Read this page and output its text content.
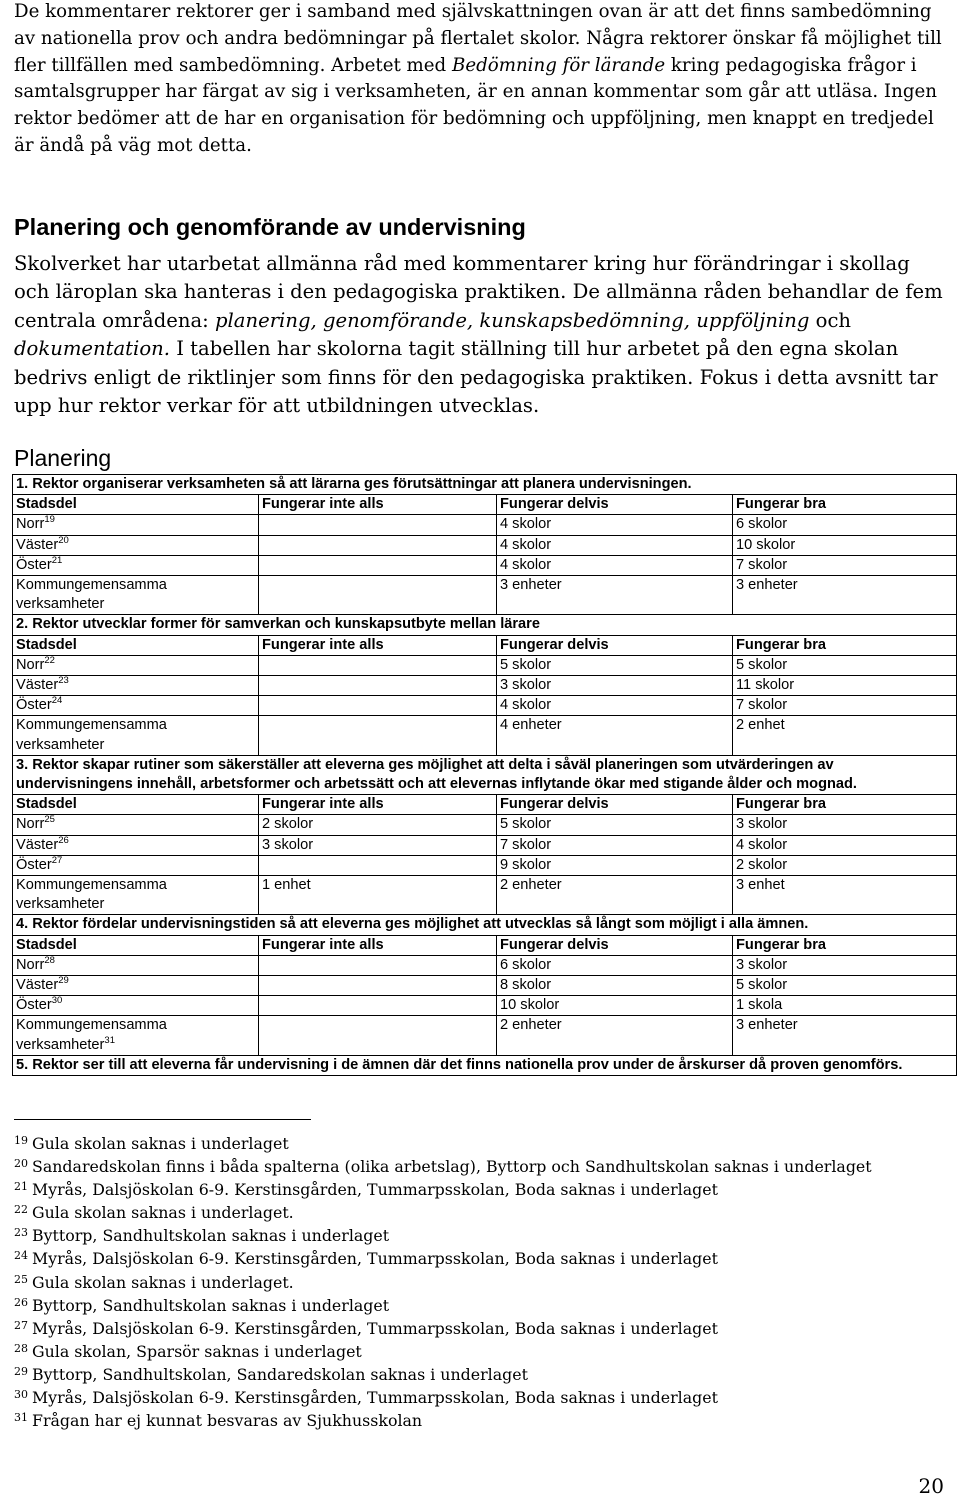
De kommentarer rektorer ger i samband med självskattningen ovan är att det finns sambedömning av nationella prov och andra bedömningar på flertalet skolor. Några rektorer önskar få möjlighet till fler tillfällen med sambedömning. Arbetet med Bedömning för lärande kring pedagogiska frågor i samtalsgrupper har färgat av sig i verksamheten, är en annan kommentar som går att utläsa. Ingen rektor bedömer att de har en organisation för bedömning och uppföljning, men knappt en tredjedel är ändå på väg mot detta.

Planering och genomförande av undervisning

Skolverket har utarbetat allmänna råd med kommentarer kring hur förändringar i skollag och läroplan ska hanteras i den pedagogiska praktiken. De allmänna råden behandlar de fem centrala områdena: planering, genomförande, kunskapsbedömning, uppföljning och dokumentation. I tabellen har skolorna tagit ställning till hur arbetet på den egna skolan bedrivs enligt de riktlinjer som finns för den pedagogiska praktiken. Fokus i detta avsnitt tar upp hur rektor verkar för att utbildningen utvecklas.

Planering
1. Rektor organiserar verksamheten så att lärarna ges förutsättningar att planera undervisningen.			
Stadsdel	Fungerar inte alls	Fungerar delvis	Fungerar bra
Norr$^{19}$		4 skolor	6 skolor
Väster$^{20}$		4 skolor	10 skolor
Öster$^{21}$		4 skolor	7 skolor
Kommungemensamma verksamheter		3 enheter	3 enheter
2. Rektor utvecklar former för samverkan och kunskapsutbyte mellan lärare			
Stadsdel	Fungerar inte alls	Fungerar delvis	Fungerar bra
Norr$^{22}$		5 skolor	5 skolor
Väster$^{23}$		3 skolor	11 skolor
Öster$^{24}$		4 skolor	7 skolor
Kommungemensamma verksamheter		4 enheter	2 enhet
3. Rektor skapar rutiner som säkerställer att eleverna ges möjlighet att delta i såväl planeringen som utvärderingen av undervisningens innehåll, arbetsformer och arbetssätt och att elevernas inflytande ökar med stigande ålder och mognad.			
Stadsdel	Fungerar inte alls	Fungerar delvis	Fungerar bra
Norr$^{25}$	2 skolor	5 skolor	3 skolor
Väster$^{26}$	3 skolor	7 skolor	4 skolor
Öster$^{27}$		9 skolor	2 skolor
Kommungemensamma verksamheter	1 enhet	2 enheter	3 enhet
4. Rektor fördelar undervisningstiden så att eleverna ges möjlighet att utvecklas så långt som möjligt i alla ämnen.			
Stadsdel	Fungerar inte alls	Fungerar delvis	Fungerar bra
Norr$^{28}$		6 skolor	3 skolor
Väster$^{29}$		8 skolor	5 skolor
Öster$^{30}$		10 skolor	1 skola
Kommungemensamma verksamheter$^{31}$		2 enheter	3 enheter
5. Rektor ser till att eleverna får undervisning i de ämnen där det finns nationella prov under de årskurser då proven genomförs.			
$^{19}$ Gula skolan saknas i underlaget
$^{20}$ Sandaredskolan finns i båda spalterna (olika arbetslag), Byttorp och Sandhultskolan saknas i underlaget
$^{21}$ Myrås, Dalsjöskolan 6-9. Kerstinsgården, Tummarpsskolan, Boda saknas i underlaget
$^{22}$ Gula skolan saknas i underlaget.
$^{23}$ Byttorp, Sandhultskolan saknas i underlaget
$^{24}$ Myrås, Dalsjöskolan 6-9. Kerstinsgården, Tummarpsskolan, Boda saknas i underlaget
$^{25}$ Gula skolan saknas i underlaget.
$^{26}$ Byttorp, Sandhultskolan saknas i underlaget
$^{27}$ Myrås, Dalsjöskolan 6-9. Kerstinsgården, Tummarpsskolan, Boda saknas i underlaget
$^{28}$ Gula skolan, Sparsör saknas i underlaget
$^{29}$ Byttorp, Sandhultskolan, Sandaredskolan saknas i underlaget
$^{30}$ Myrås, Dalsjöskolan 6-9. Kerstinsgården, Tummarpsskolan, Boda saknas i underlaget
$^{31}$ Frågan har ej kunnat besvaras av Sjukhusskolan
20
